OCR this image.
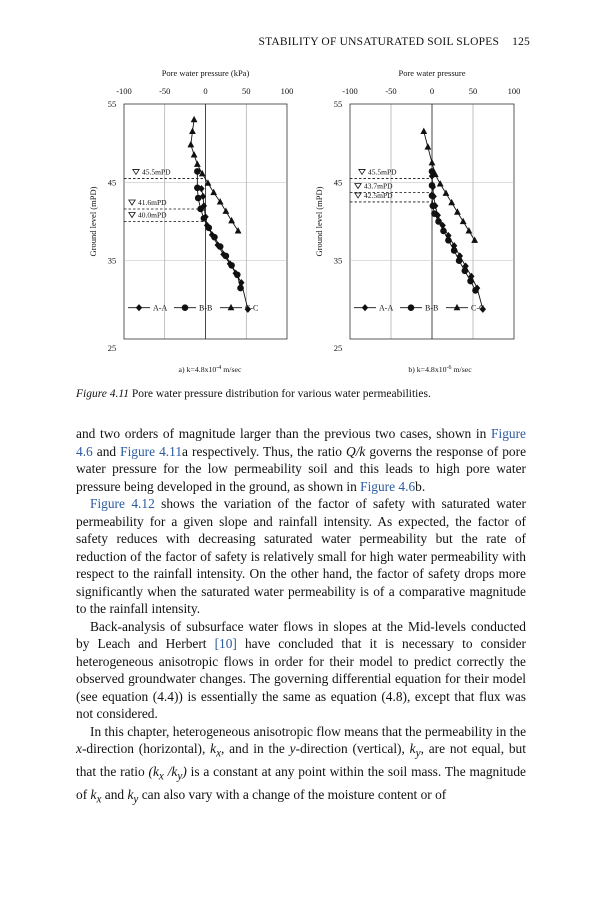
STABILITY OF UNSATURATED SOIL SLOPES 125
Pore water pressure (kPa)
-100	-50	0	50	100
55
45
35
25
Ground level (mPD)
45.5mPD
41.6mPD
40.0mPD
A-A	B-B	C-C
a) $k=4.8x10^{-4}$ m/sec
Pore water pressure
-100	-50	0	50	100
55
45
35
25
Ground level (mPD)
45.5mPD
43.7mPD
42.5mPD
A-A	B-B	C-C
b) $k=4.8x10^{-6}$ m/sec
Figure 4.11 Pore water pressure distribution for various water permeabilities.

and two orders of magnitude larger than the previous two cases, shown in Figure 4.6 and Figure 4.11a respectively. Thus, the ratio Q/k governs the response of pore water pressure for the low permeability soil and this leads to high pore water pressure being developed in the ground, as shown in Figure 4.6b.

Figure 4.12 shows the variation of the factor of safety with saturated water permeability for a given slope and rainfall intensity. As expected, the factor of safety reduces with decreasing saturated water permeability but the rate of reduction of the factor of safety is relatively small for high water permeability with respect to the rainfall intensity. On the other hand, the factor of safety drops more significantly when the saturated water permeability is of a comparative magnitude to the rainfall intensity.

Back-analysis of subsurface water flows in slopes at the Mid-levels conducted by Leach and Herbert [10] have concluded that it is necessary to consider heterogeneous anisotropic flows in order for their model to predict correctly the observed groundwater changes. The governing differential equation for their model (see equation (4.4)) is essentially the same as equation (4.8), except that flux was not considered.

In this chapter, heterogeneous anisotropic flow means that the permeability in the x-direction (horizontal), $k_x$, and in the y-direction (vertical), $k_y$, are not equal, but that the ratio ($k_x$ $/k_y$) is a constant at any point within the soil mass. The magnitude of $k_x$ and $k_y$ can also vary with a change of the moisture content or of
